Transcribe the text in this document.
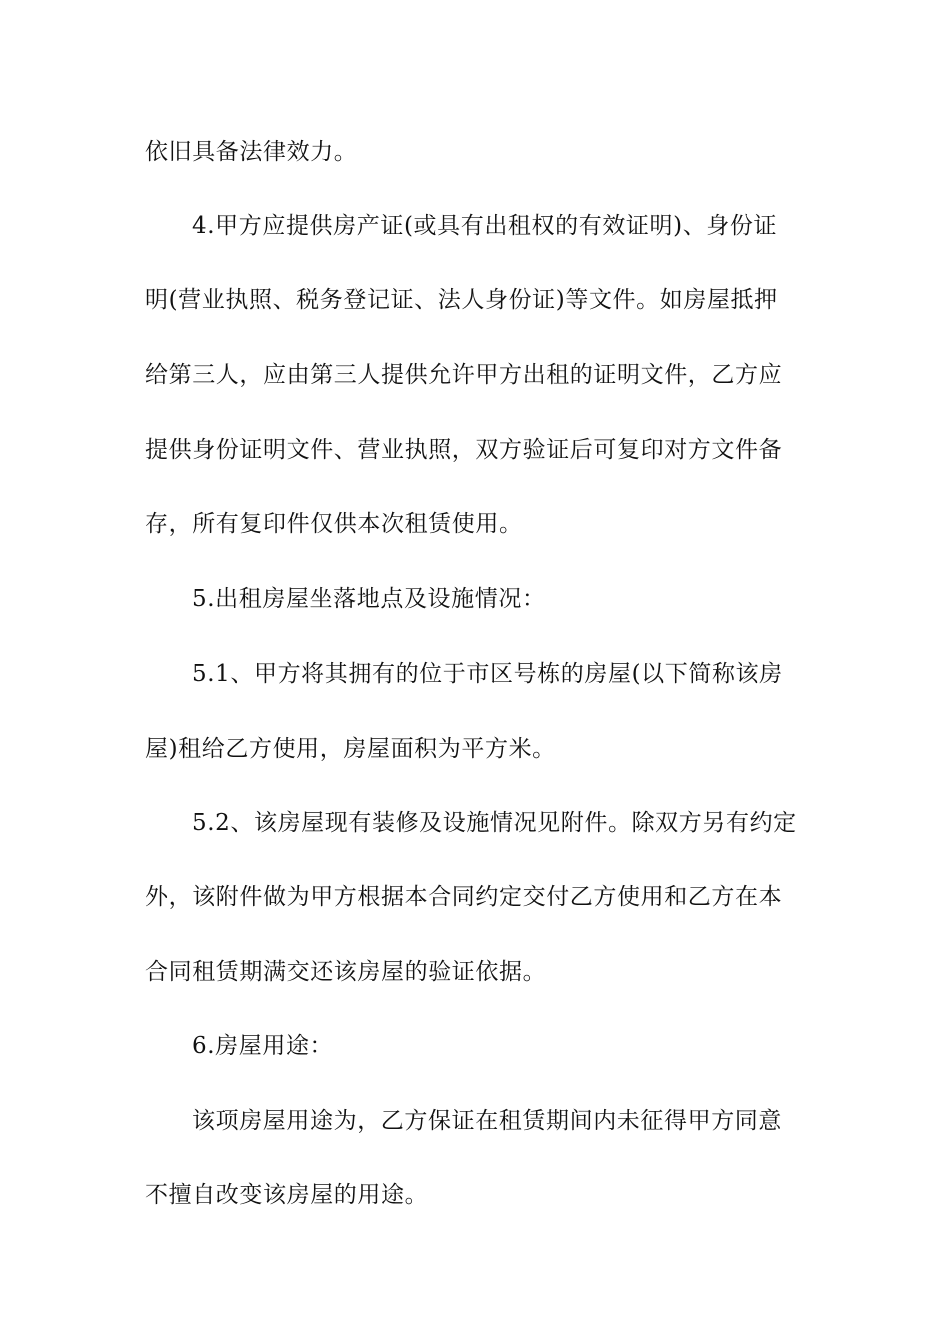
依旧具备法律效力。
4.甲方应提供房产证(或具有出租权的有效证明)、身份证
明(营业执照、税务登记证、法人身份证)等文件。如房屋抵押
给第三人，应由第三人提供允许甲方出租的证明文件，乙方应
提供身份证明文件、营业执照，双方验证后可复印对方文件备
存，所有复印件仅供本次租赁使用。
5.出租房屋坐落地点及设施情况：
5.1、甲方将其拥有的位于市区号栋的房屋(以下简称该房
屋)租给乙方使用，房屋面积为平方米。
5.2、该房屋现有装修及设施情况见附件。除双方另有约定
外，该附件做为甲方根据本合同约定交付乙方使用和乙方在本
合同租赁期满交还该房屋的验证依据。
6.房屋用途：
该项房屋用途为，乙方保证在租赁期间内未征得甲方同意
不擅自改变该房屋的用途。
